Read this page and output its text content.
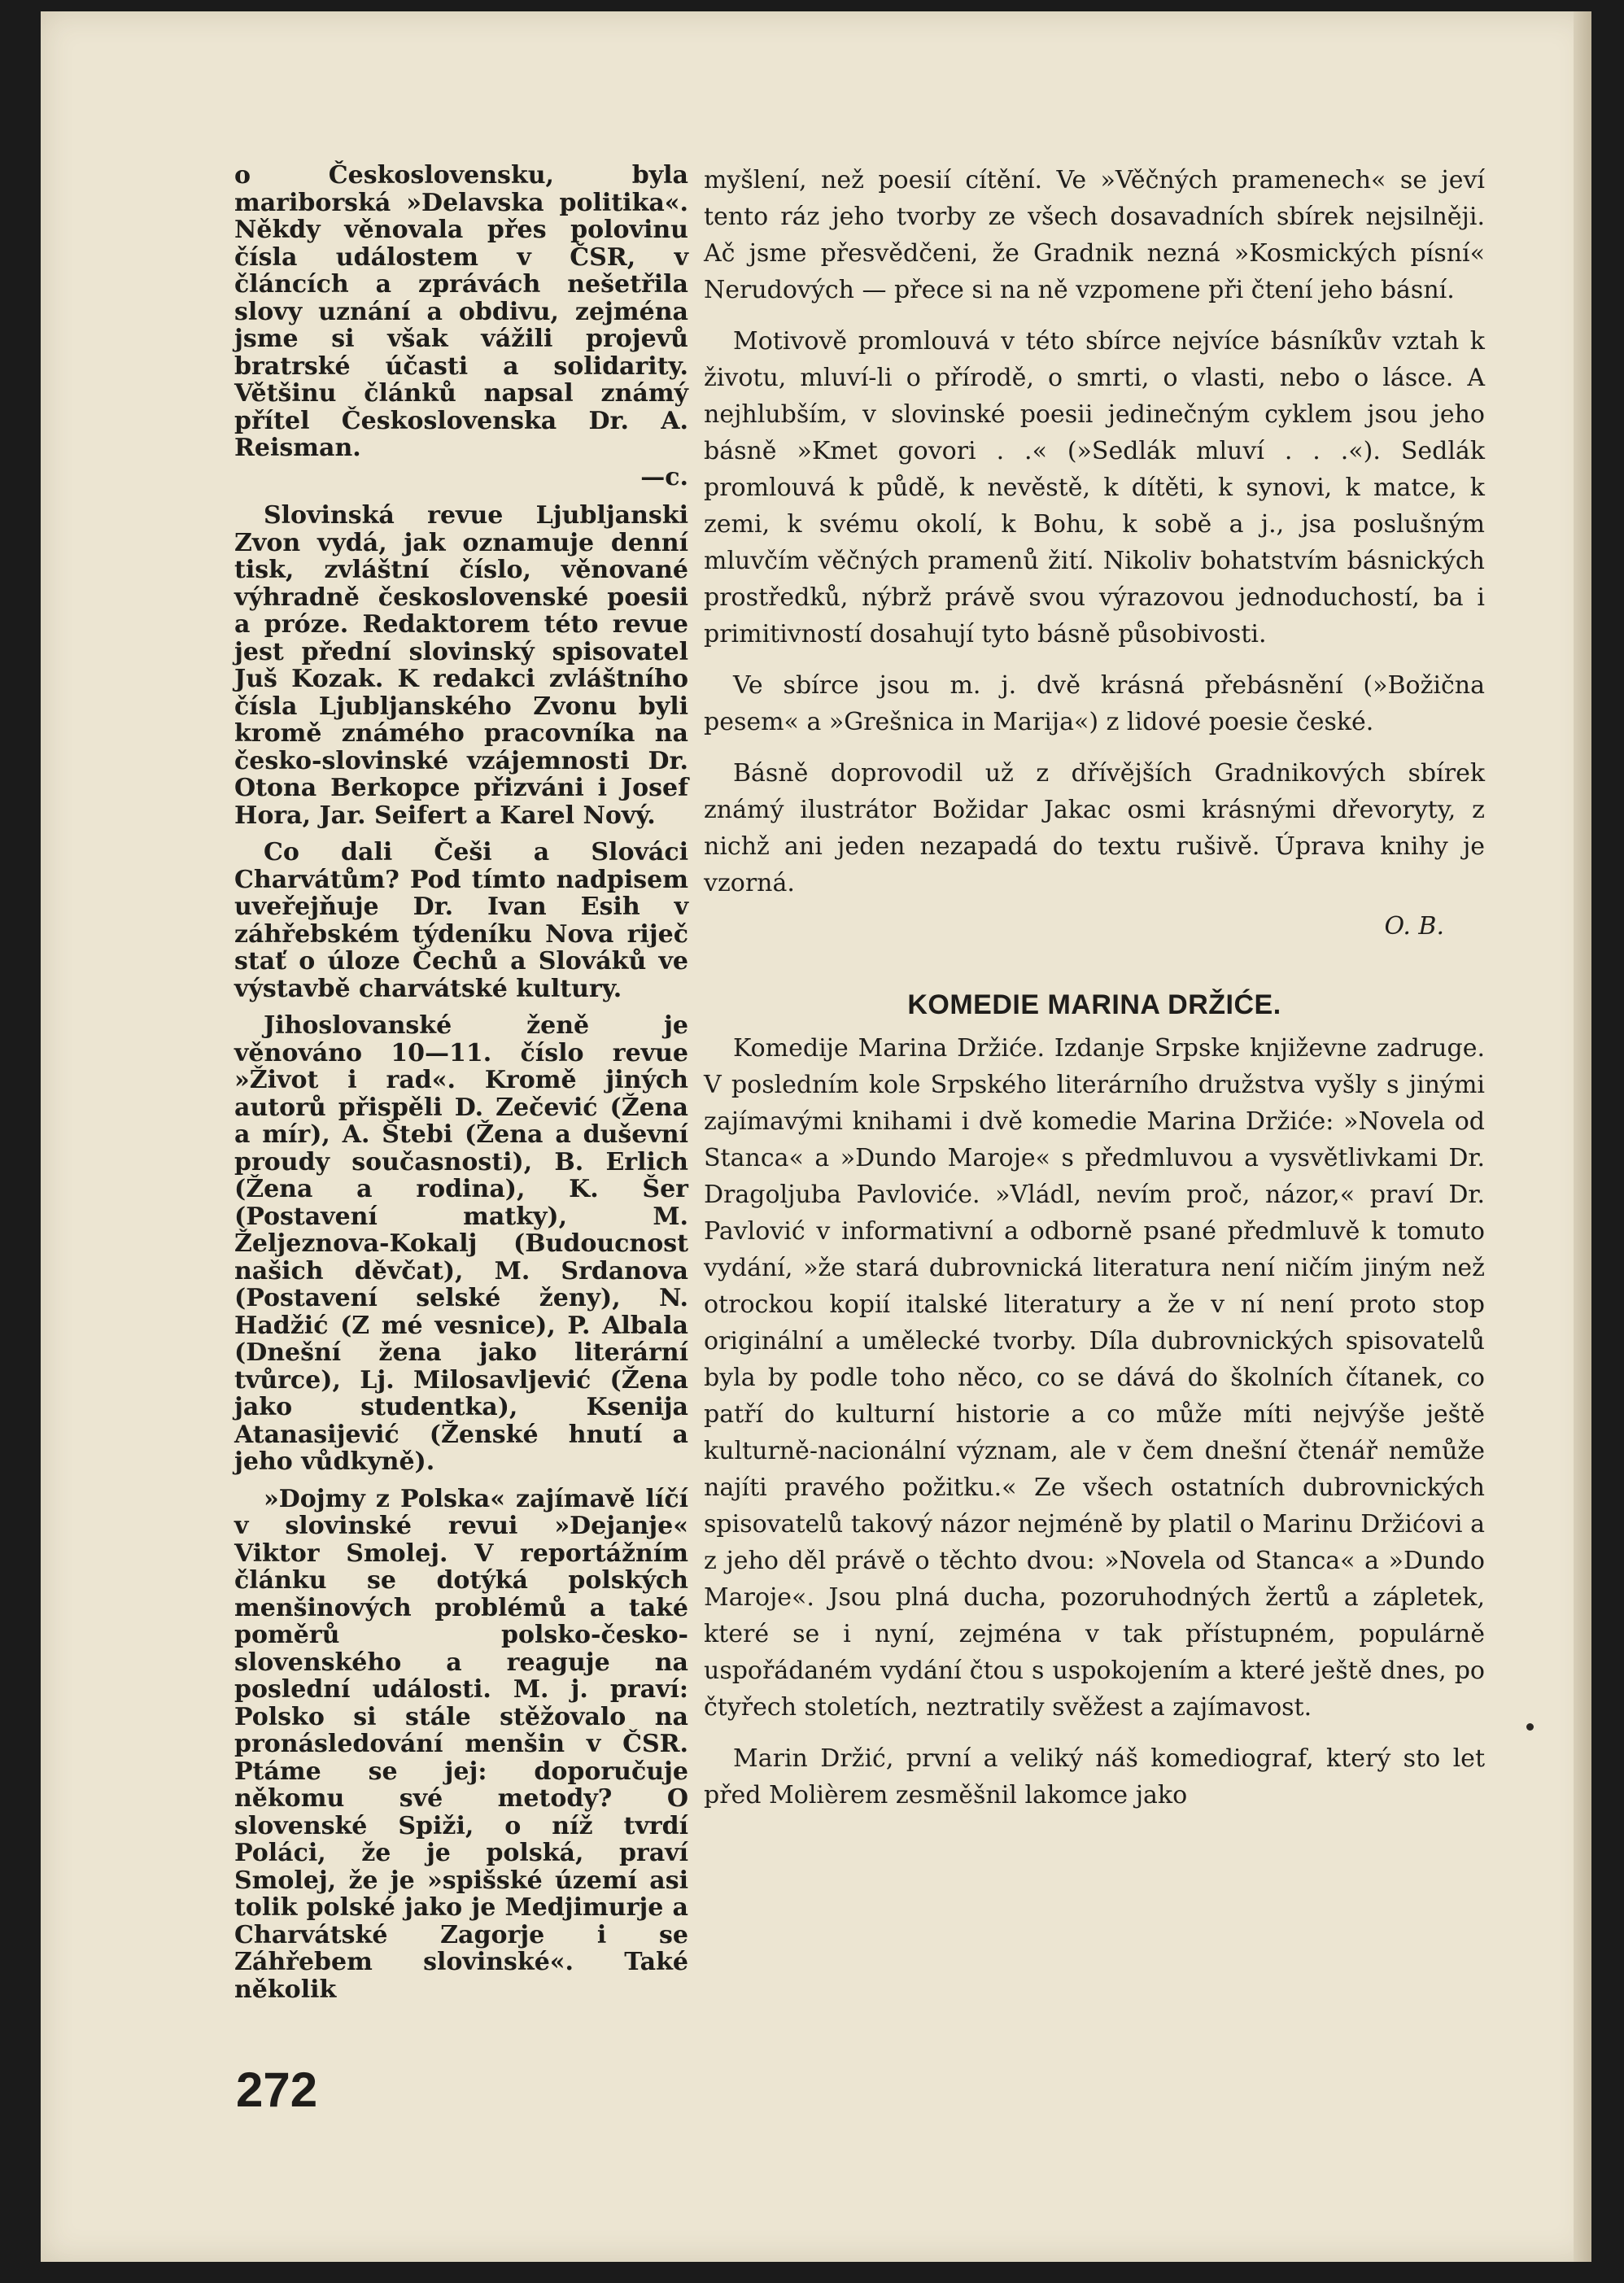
o Československu, byla mariborská »Delavska politika«. Někdy věnovala přes polovinu čísla událostem v ČSR, v článcích a zprávách nešetřila slovy uznání a obdivu, zejména jsme si však vážili projevů bratrské účasti a solidarity. Většinu článků napsal známý přítel Československa Dr. A. Reisman.

—c.

Slovinská revue Ljubljanski Zvon vydá, jak oznamuje denní tisk, zvláštní číslo, věnované výhradně československé poesii a próze. Redaktorem této revue jest přední slovinský spisovatel Juš Kozak. K redakci zvláštního čísla Ljubljanského Zvonu byli kromě známého pracovníka na česko-slovinské vzájemnosti Dr. Otona Berkopce přizváni i Josef Hora, Jar. Seifert a Karel Nový.

Co dali Češi a Slováci Charvátům? Pod tímto nadpisem uveřejňuje Dr. Ivan Esih v záhřebském týdeníku Nova riječ stať o úloze Čechů a Slováků ve výstavbě charvátské kultury.

Jihoslovanské ženě je věnováno 10—11. číslo revue »Život i rad«. Kromě jiných autorů přispěli D. Zečević (Žena a mír), A. Štebi (Žena a duševní proudy současnosti), B. Erlich (Žena a rodina), K. Šer (Postavení matky), M. Željeznova-Kokalj (Budoucnost našich děvčat), M. Srdanova (Postavení selské ženy), N. Hadžić (Z mé vesnice), P. Albala (Dnešní žena jako literární tvůrce), Lj. Milosavljević (Žena jako studentka), Ksenija Atanasijević (Ženské hnutí a jeho vůdkyně).

»Dojmy z Polska« zajímavě líčí v slovinské revui »Dejanje« Viktor Smolej. V reportážním článku se dotýká polských menšinových problémů a také poměrů polsko-česko-slovenského a reaguje na poslední události. M. j. praví: Polsko si stále stěžovalo na pronásledování menšin v ČSR. Ptáme se jej: doporučuje někomu své metody? O slovenské Spiži, o níž tvrdí Poláci, že je polská, praví Smolej, že je »spišské území asi tolik polské jako je Medjimurje a Charvátské Zagorje i se Záhřebem slovinské«. Také několik

myšlení, než poesií cítění. Ve »Věčných pramenech« se jeví tento ráz jeho tvorby ze všech dosavadních sbírek nejsilněji. Ač jsme přesvědčeni, že Gradnik nezná »Kosmických písní« Nerudových — přece si na ně vzpomene při čtení jeho básní.

Motivově promlouvá v této sbírce nejvíce básníkův vztah k životu, mluví-li o přírodě, o smrti, o vlasti, nebo o lásce. A nejhlubším, v slovinské poesii jedinečným cyklem jsou jeho básně »Kmet govori . .« (»Sedlák mluví . . .«). Sedlák promlouvá k půdě, k nevěstě, k dítěti, k synovi, k matce, k zemi, k svému okolí, k Bohu, k sobě a j., jsa poslušným mluvčím věčných pramenů žití. Nikoliv bohatstvím básnických prostředků, nýbrž právě svou výrazovou jednoduchostí, ba i primitivností dosahují tyto básně působivosti.

Ve sbírce jsou m. j. dvě krásná přebásnění (»Božična pesem« a »Grešnica in Marija«) z lidové poesie české.

Básně doprovodil už z dřívějších Gradnikových sbírek známý ilustrátor Božidar Jakac osmi krásnými dřevoryty, z nichž ani jeden nezapadá do textu rušivě. Úprava knihy je vzorná.

O. B.
KOMEDIE MARINA DRŽIĆE.

Komedije Marina Držiće. Izdanje Srpske književne zadruge. V posledním kole Srpského literárního družstva vyšly s jinými zajímavými knihami i dvě komedie Marina Držiće: »Novela od Stanca« a »Dundo Maroje« s předmluvou a vysvětlivkami Dr. Dragoljuba Pavloviće. »Vládl, nevím proč, názor,« praví Dr. Pavlović v informativní a odborně psané předmluvě k tomuto vydání, »že stará dubrovnická literatura není ničím jiným než otrockou kopií italské literatury a že v ní není proto stop originální a umělecké tvorby. Díla dubrovnických spisovatelů byla by podle toho něco, co se dává do školních čítanek, co patří do kulturní historie a co může míti nejvýše ještě kulturně-nacionální význam, ale v čem dnešní čtenář nemůže najíti pravého požitku.« Ze všech ostatních dubrovnických spisovatelů takový názor nejméně by platil o Marinu Držićovi a z jeho děl právě o těchto dvou: »Novela od Stanca« a »Dundo Maroje«. Jsou plná ducha, pozoruhodných žertů a zápletek, které se i nyní, zejména v tak přístupném, populárně uspořádaném vydání čtou s uspokojením a které ještě dnes, po čtyřech stoletích, neztratily svěžest a zajímavost.

Marin Držić, první a veliký náš komediograf, který sto let před Molièrem zesměšnil lakomce jako

272
